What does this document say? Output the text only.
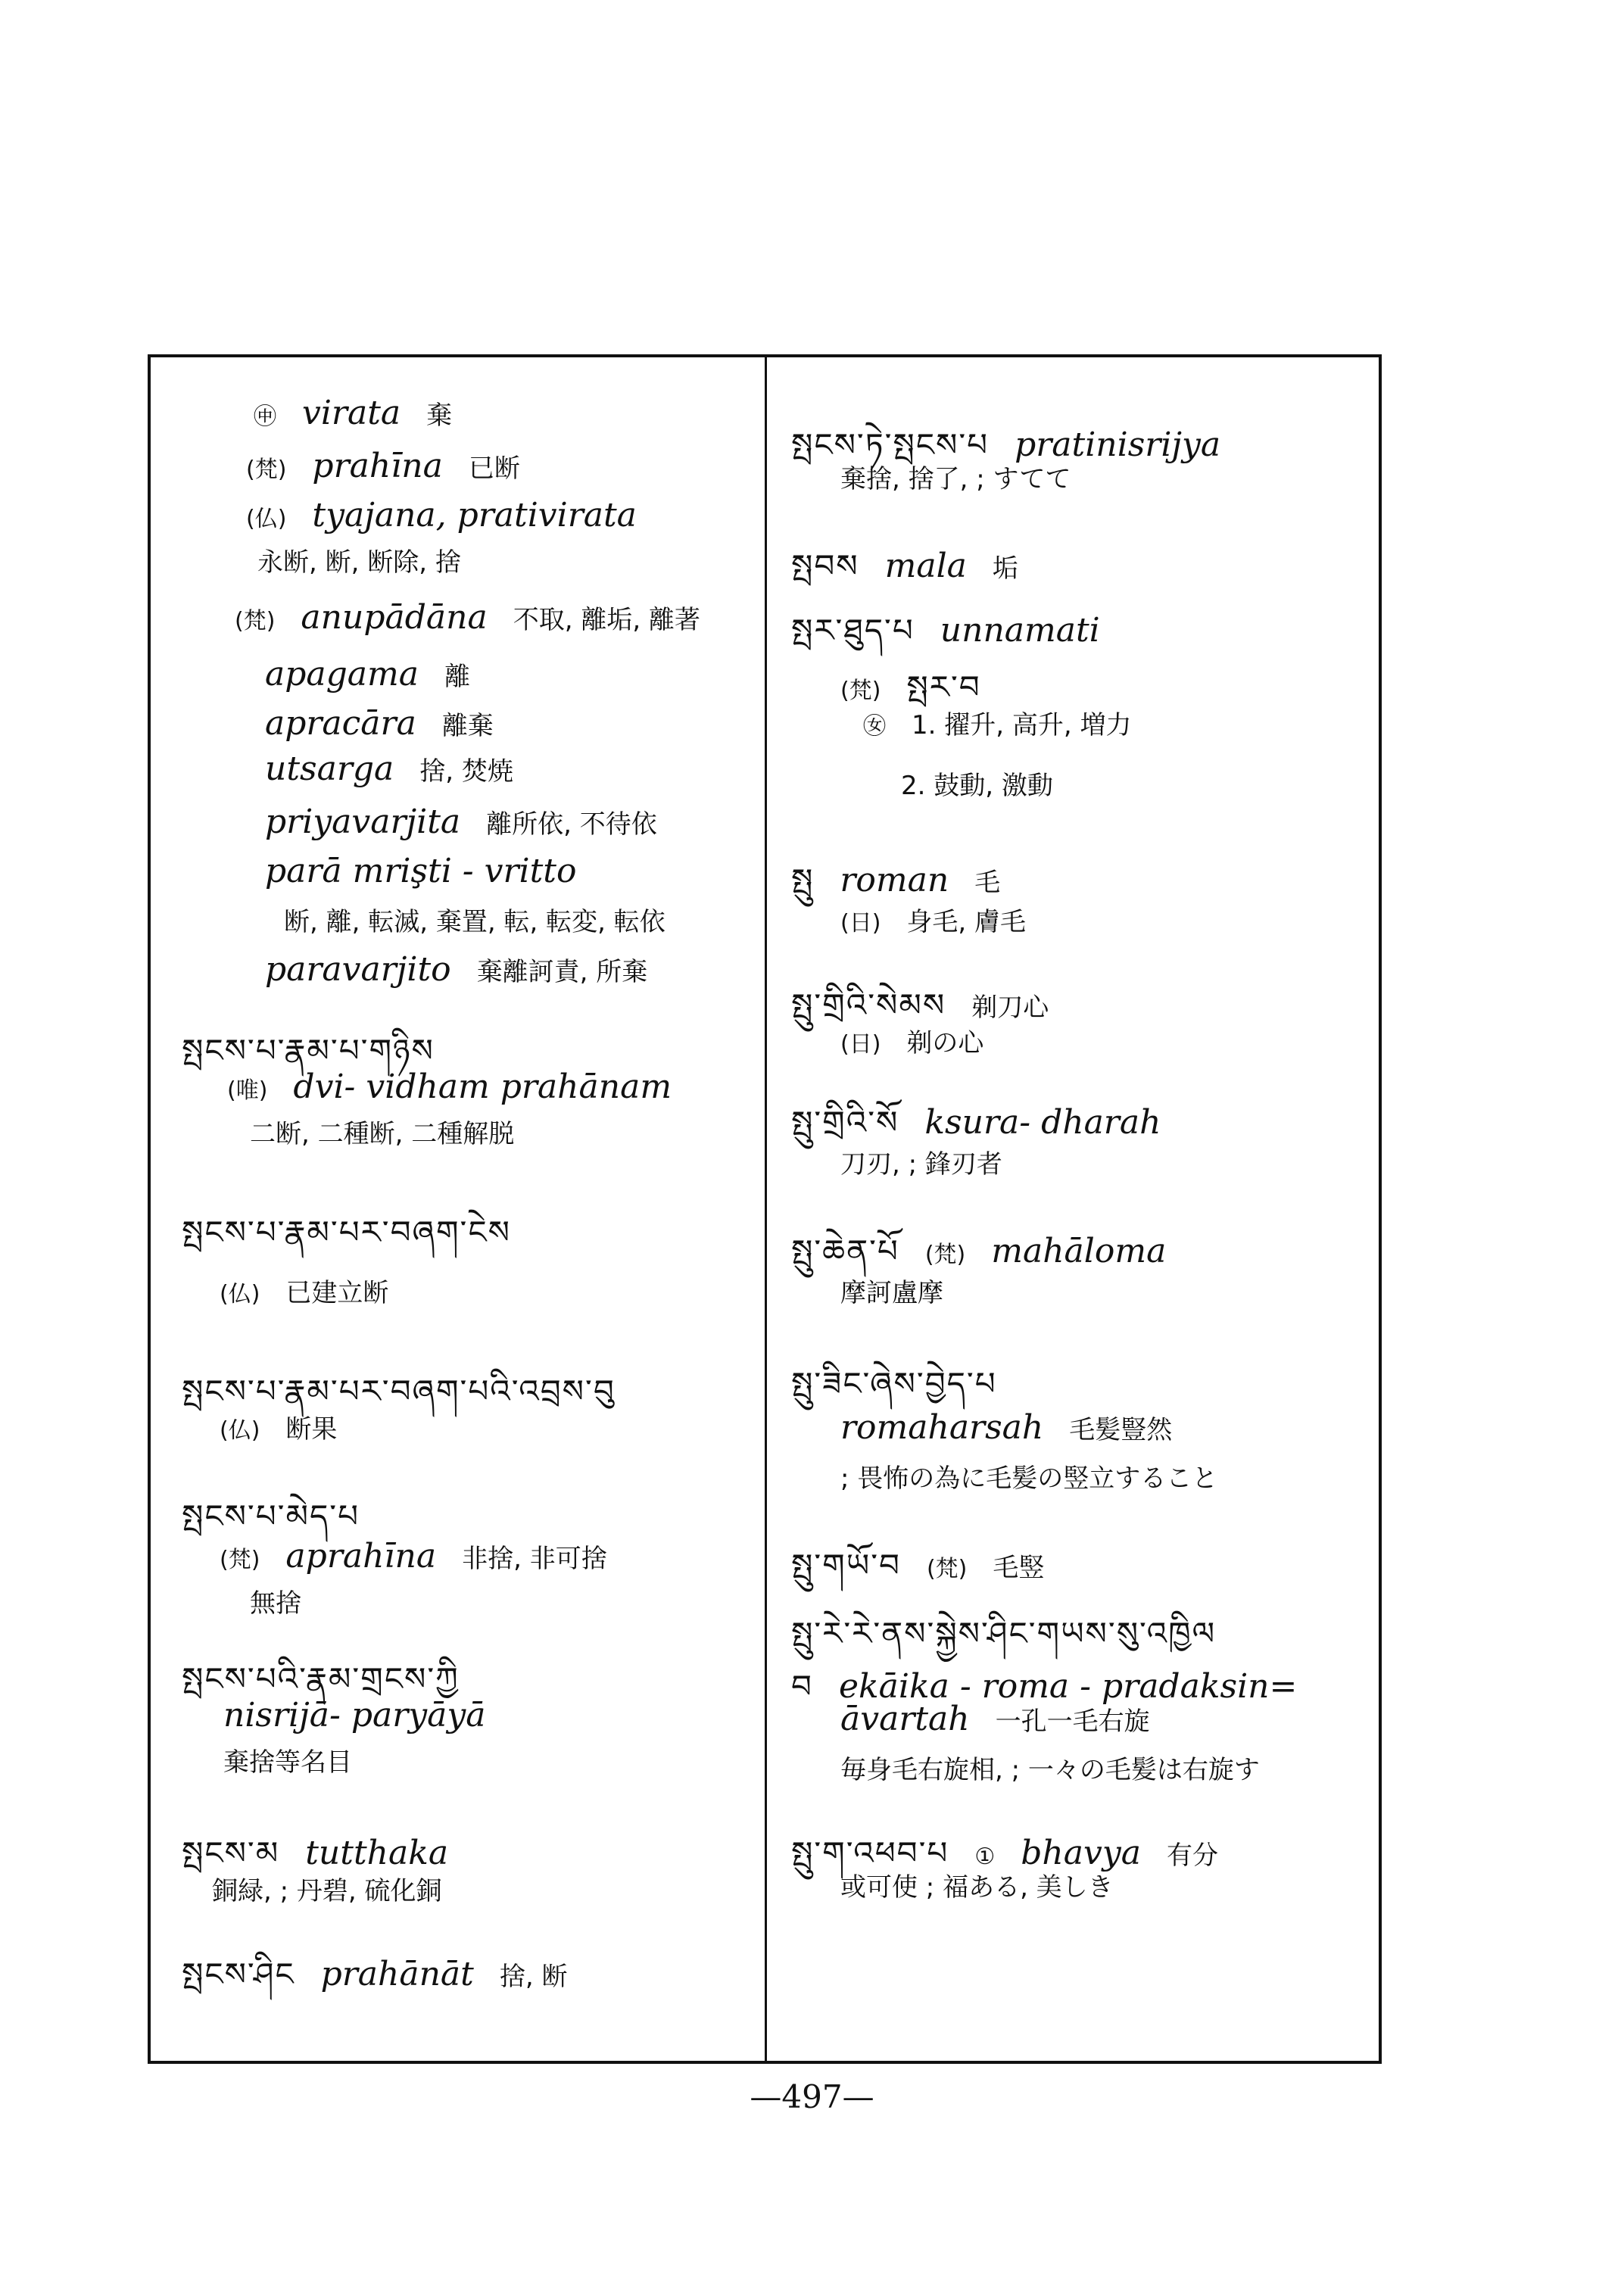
㊥ virata 棄
(梵) prahīna 已断
(仏) tyajana, prativirata
永断, 断, 断除, 捨
(梵) anupādāna 不取, 離垢, 離著
apagama 離
apracāra 離棄
utsarga 捨, 焚焼
priyavarjita 離所依, 不待依
parā mrişti - vritto
断, 離, 転滅, 棄置, 転, 転変, 転依
paravarjito 棄離訶責, 所棄
སྤངས་པ་རྣམ་པ་གཉིས
(唯) dvi- vidham prahānam
二断, 二種断, 二種解脱
སྤངས་པ་རྣམ་པར་བཞག་ངེས
(仏) 已建立断
སྤངས་པ་རྣམ་པར་བཞག་པའི་འབྲས་བུ
(仏) 断果
སྤངས་པ་མེད་པ
(梵) aprahīna 非捨, 非可捨
無捨
སྤངས་པའི་རྣམ་གྲངས་ཀྱི
nisrijā- paryāyā
棄捨等名目
སྤངས་མ tutthaka
銅緑, ; 丹碧, 硫化銅
སྤངས་ཤིང prahānāt 捨, 断
སྤངས་ཏེ་སྤངས་པ pratinisrijya
棄捨, 捨了, ; すてて
སྤབས mala 垢
སྤར་ཐུད་པ unnamati
(梵) སྤར་བ
㊛ 1. 擢升, 高升, 増力
2. 鼓動, 激動
སྤུ roman 毛
(日) 身毛, 膚毛
སྤུ་གྲིའི་སེམས 剃刀心
(日) 剃の心
སྤུ་གྲིའི་སོ ksura- dharah
刀刃, ; 鋒刃者
སྤུ་ཆེན་པོ (梵) mahāloma
摩訶盧摩
སྤུ་ཟིང་ཞེས་བྱེད་པ
romaharsah 毛髪豎然
; 畏怖の為に毛髪の竪立すること
སྤུ་གཡོ་བ (梵) 毛竪
སྤུ་རེ་རེ་ནས་སྐྱེས་ཤིང་གཡས་སུ་འཁྱིལ
བ ekāika - roma - pradaksin=
āvartah 一孔一毛右旋
毎身毛右旋相, ; 一々の毛髪は右旋す
སྤུ་ག་འཕབ་པ ① bhavya 有分
或可使 ; 福ある, 美しき
—497—
